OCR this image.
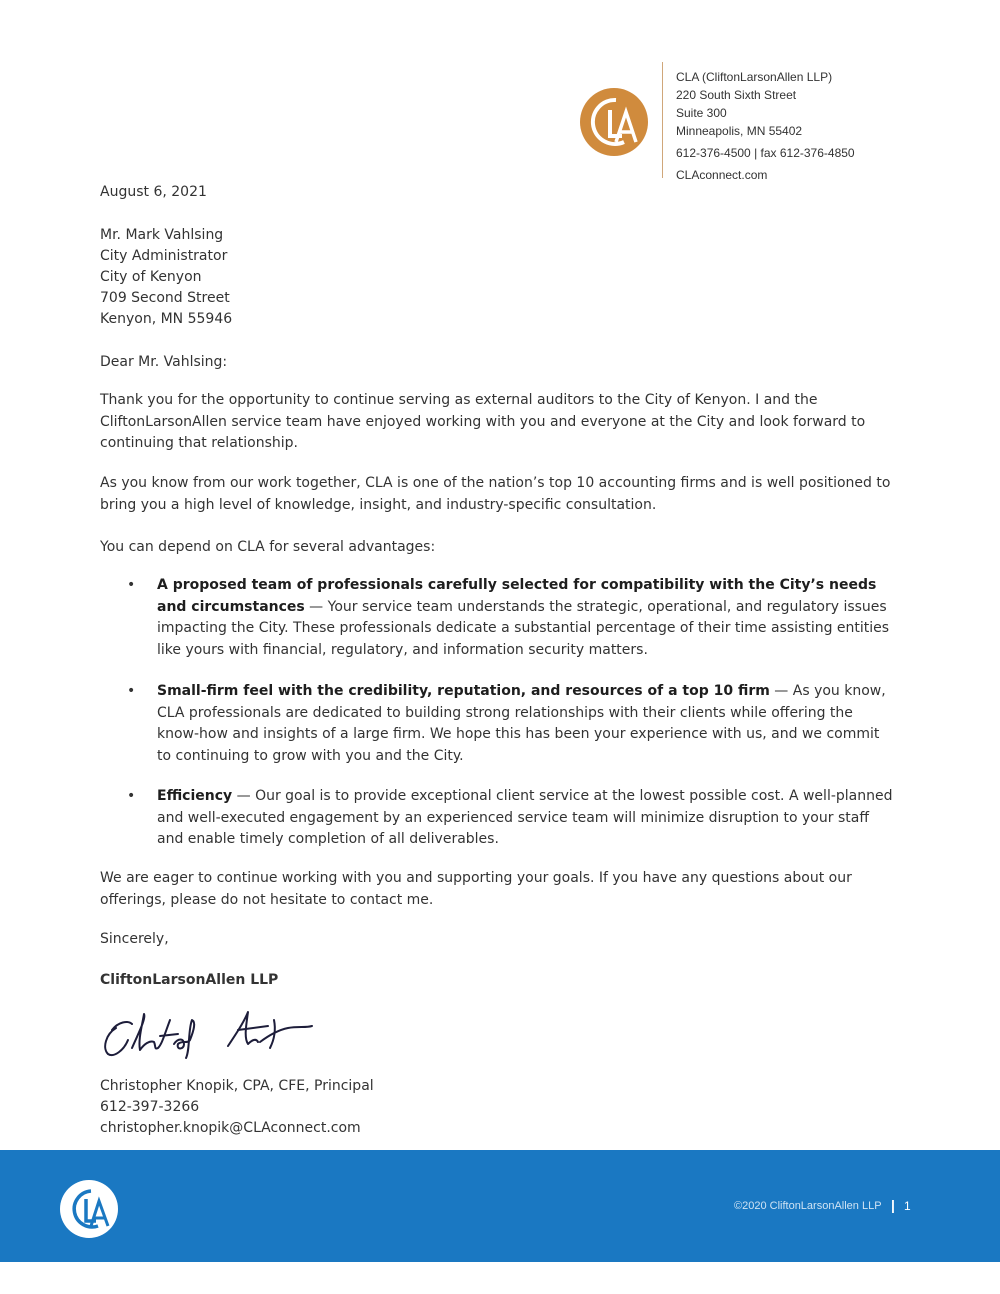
CLA (CliftonLarsonAllen LLP)
220 South Sixth Street
Suite 300
Minneapolis, MN 55402
612-376-4500 | fax 612-376-4850
CLAconnect.com
August 6, 2021
Mr. Mark Vahlsing
City Administrator
City of Kenyon
709 Second Street
Kenyon, MN 55946
Dear Mr. Vahlsing:
Thank you for the opportunity to continue serving as external auditors to the City of Kenyon. I and the CliftonLarsonAllen service team have enjoyed working with you and everyone at the City and look forward to continuing that relationship.
As you know from our work together, CLA is one of the nation’s top 10 accounting firms and is well positioned to bring you a high level of knowledge, insight, and industry-specific consultation.
You can depend on CLA for several advantages:
• A proposed team of professionals carefully selected for compatibility with the City’s needs and circumstances — Your service team understands the strategic, operational, and regulatory issues impacting the City. These professionals dedicate a substantial percentage of their time assisting entities like yours with financial, regulatory, and information security matters.
• Small-firm feel with the credibility, reputation, and resources of a top 10 firm — As you know, CLA professionals are dedicated to building strong relationships with their clients while offering the know-how and insights of a large firm. We hope this has been your experience with us, and we commit to continuing to grow with you and the City.
• Efficiency — Our goal is to provide exceptional client service at the lowest possible cost. A well-planned and well-executed engagement by an experienced service team will minimize disruption to your staff and enable timely completion of all deliverables.
We are eager to continue working with you and supporting your goals. If you have any questions about our offerings, please do not hesitate to contact me.
Sincerely,
CliftonLarsonAllen LLP
Christopher Knopik, CPA, CFE, Principal
612-397-3266
christopher.knopik@CLAconnect.com
©2020 CliftonLarsonAllen LLP | 1
